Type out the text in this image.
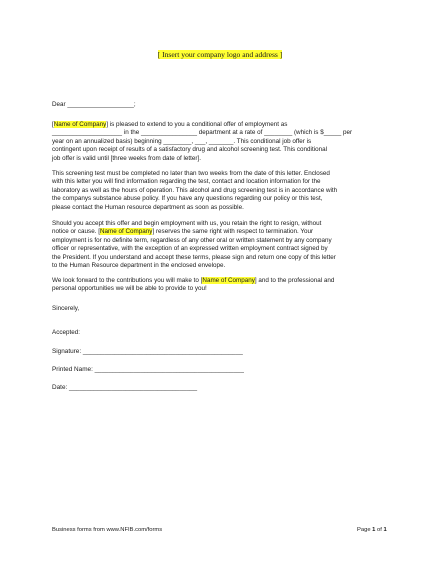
[ Insert your company logo and address ]
Dear ___________________;
[Name of Company] is pleased to extend to you a conditional offer of employment as
____________________ in the ________________ department at a rate of ________ (which is $_____ per
year on an annualized basis) beginning ________, ___, _______. This conditional job offer is
contingent upon receipt of results of a satisfactory drug and alcohol screening test. This conditional
job offer is valid until [three weeks from date of letter].
This screening test must be completed no later than two weeks from the date of this letter. Enclosed
with this letter you will find information regarding the test, contact and location information for the
laboratory as well as the hours of operation. This alcohol and drug screening test is in accordance with
the companys substance abuse policy. If you have any questions regarding our policy or this test,
please contact the Human resource department as soon as possible.
Should you accept this offer and begin employment with us, you retain the right to resign, without
notice or cause. [Name of Company] reserves the same right with respect to termination. Your
employment is for no definite term, regardless of any other oral or written statement by any company
officer or representative, with the exception of an expressed written employment contract signed by
the President. If you understand and accept these terms, please sign and return one copy of this letter
to the Human Resource department in the enclosed envelope.
We look forward to the contributions you will make to [Name of Company] and to the professional and
personal opportunities we will be able to provide to you!
Sincerely,
Accepted:
Signature: _____________________________________________
Printed Name: __________________________________________
Date: ____________________________________
Business forms from www.NFIB.com/forms	Page 1 of 1
